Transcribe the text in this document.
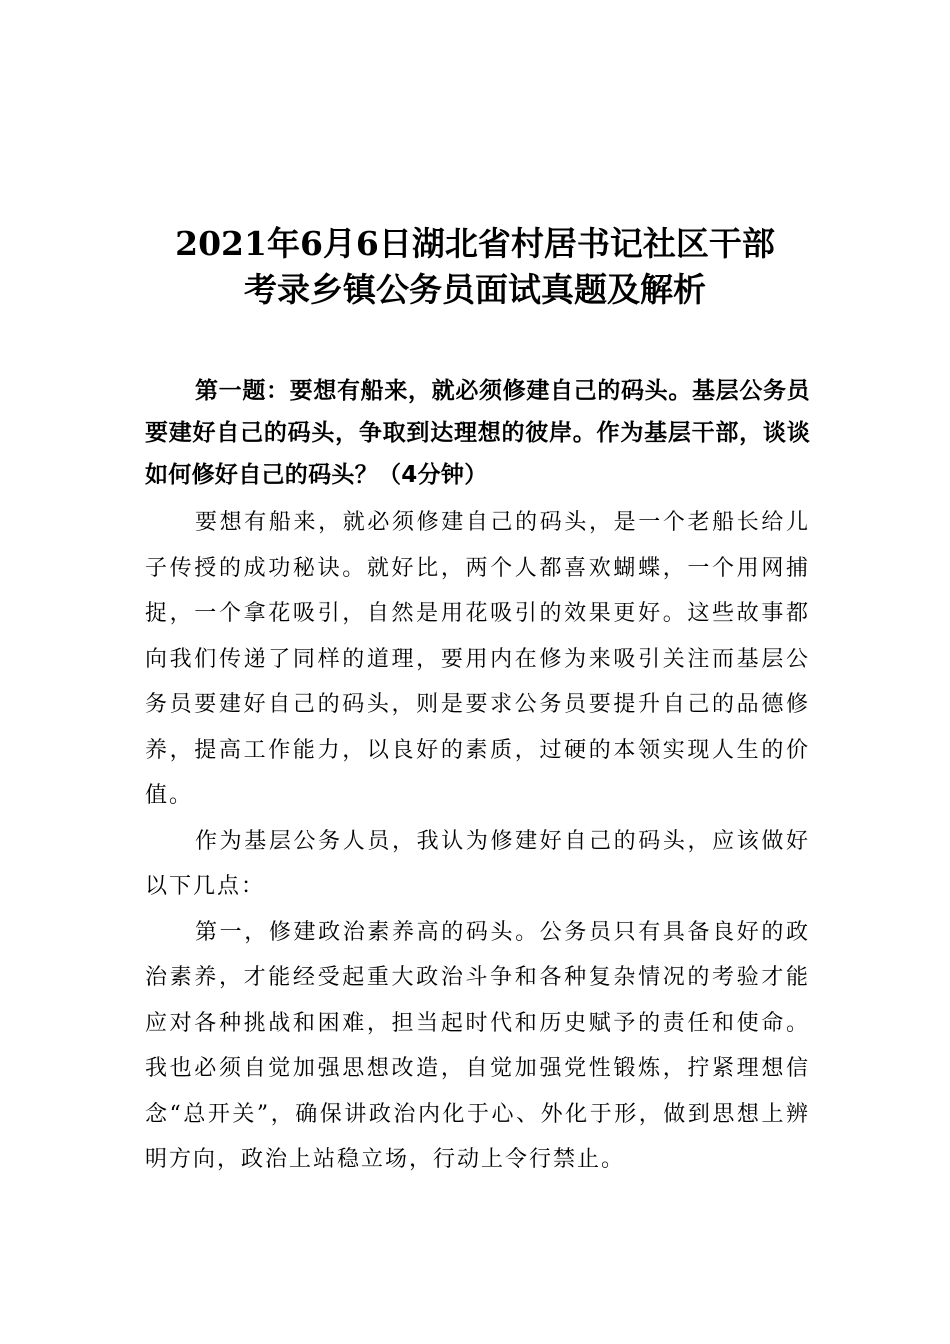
2021年6月6日湖北省村居书记社区干部
考录乡镇公务员面试真题及解析
第一题：要想有船来，就必须修建自己的码头。基层公务员要建好自己的码头，争取到达理想的彼岸。作为基层干部，谈谈如何修好自己的码头？（4分钟）

要想有船来，就必须修建自己的码头，是一个老船长给儿子传授的成功秘诀。就好比，两个人都喜欢蝴蝶，一个用网捕捉，一个拿花吸引，自然是用花吸引的效果更好。这些故事都向我们传递了同样的道理，要用内在修为来吸引关注而基层公务员要建好自己的码头，则是要求公务员要提升自己的品德修养，提高工作能力，以良好的素质，过硬的本领实现人生的价值。

作为基层公务人员，我认为修建好自己的码头，应该做好以下几点：

第一，修建政治素养高的码头。公务员只有具备良好的政治素养，才能经受起重大政治斗争和各种复杂情况的考验才能应对各种挑战和困难，担当起时代和历史赋予的责任和使命。我也必须自觉加强思想改造，自觉加强党性锻炼，拧紧理想信念“总开关”，确保讲政治内化于心、外化于形，做到思想上辨明方向，政治上站稳立场，行动上令行禁止。
